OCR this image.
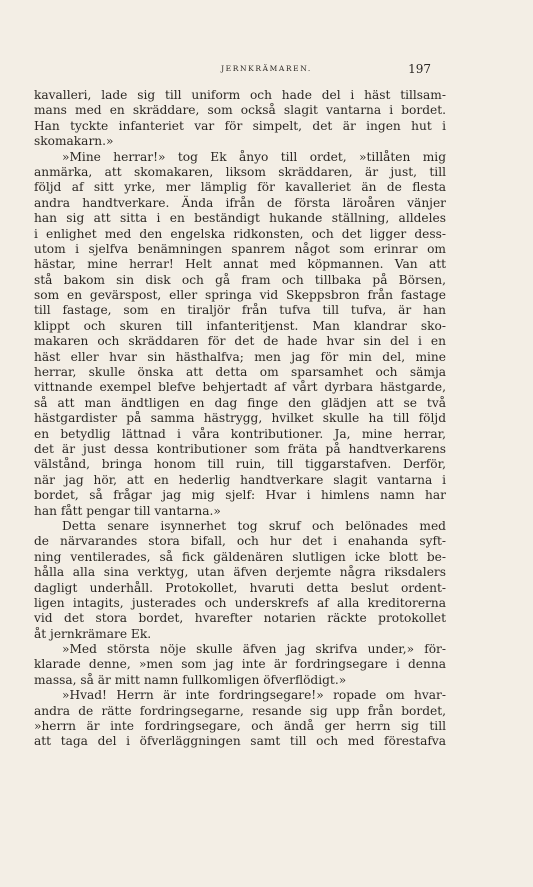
JERNKRÄMAREN.	197
kavalleri, lade sig till uniform och hade del i häst tillsam-
mans med en skräddare, som också slagit vantarna i bordet.
Han tyckte infanteriet var för simpelt, det är ingen hut i
skomakarn.»
»Mine herrar!» tog Ek ånyo till ordet, »tillåten mig
anmärka, att skomakaren, liksom skräddaren, är just, till
följd af sitt yrke, mer lämplig för kavalleriet än de flesta
andra handtverkare. Ända ifrån de första läroåren vänjer
han sig att sitta i en beständigt hukande ställning, alldeles
i enlighet med den engelska ridkonsten, och det ligger dess-
utom i sjelfva benämningen spanrem något som erinrar om
hästar, mine herrar! Helt annat med köpmannen. Van att
stå bakom sin disk och gå fram och tillbaka på Börsen,
som en gevärspost, eller springa vid Skeppsbron från fastage
till fastage, som en tiraljör från tufva till tufva, är han
klippt och skuren till infanteritjenst. Man klandrar sko-
makaren och skräddaren för det de hade hvar sin del i en
häst eller hvar sin hästhalfva; men jag för min del, mine
herrar, skulle önska att detta om sparsamhet och sämja
vittnande exempel blefve behjertadt af vårt dyrbara hästgarde,
så att man ändtligen en dag finge den glädjen att se två
hästgardister på samma hästrygg, hvilket skulle ha till följd
en betydlig lättnad i våra kontributioner. Ja, mine herrar,
det är just dessa kontributioner som fräta på handtverkarens
välstånd, bringa honom till ruin, till tiggarstafven. Derför,
när jag hör, att en hederlig handtverkare slagit vantarna i
bordet, så frågar jag mig sjelf: Hvar i himlens namn har
han fått pengar till vantarna.»
Detta senare isynnerhet tog skruf och belönades med
de närvarandes stora bifall, och hur det i enahanda syft-
ning ventilerades, så fick gäldenären slutligen icke blott be-
hålla alla sina verktyg, utan äfven derjemte några riksdalers
dagligt underhåll. Protokollet, hvaruti detta beslut ordent-
ligen intagits, justerades och underskrefs af alla kreditorerna
vid det stora bordet, hvarefter notarien räckte protokollet
åt jernkrämare Ek.
»Med största nöje skulle äfven jag skrifva under,» för-
klarade denne, »men som jag inte är fordringsegare i denna
massa, så är mitt namn fullkomligen öfverflödigt.»
»Hvad! Herrn är inte fordringsegare!» ropade om hvar-
andra de rätte fordringsegarne, resande sig upp från bordet,
»herrn är inte fordringsegare, och ändå ger herrn sig till
att taga del i öfverläggningen samt till och med förestafva
